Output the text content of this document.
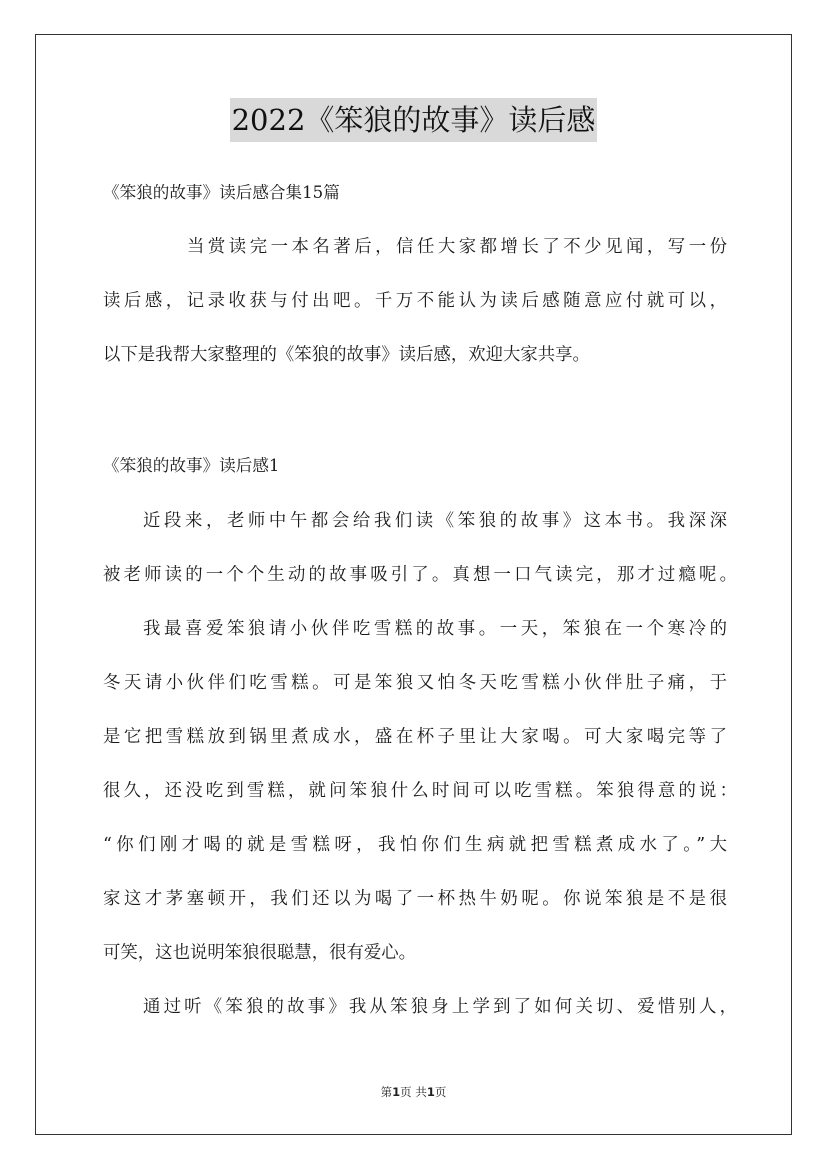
2022《笨狼的故事》读后感
《笨狼的故事》读后感合集15篇
当赏读完一本名著后，信任大家都增长了不少见闻，写一份
读后感，记录收获与付出吧。千万不能认为读后感随意应付就可以，
以下是我帮大家整理的《笨狼的故事》读后感，欢迎大家共享。
《笨狼的故事》读后感1
近段来，老师中午都会给我们读《笨狼的故事》这本书。我深深
被老师读的一个个生动的故事吸引了。真想一口气读完，那才过瘾呢。
我最喜爱笨狼请小伙伴吃雪糕的故事。一天，笨狼在一个寒冷的
冬天请小伙伴们吃雪糕。可是笨狼又怕冬天吃雪糕小伙伴肚子痛，于
是它把雪糕放到锅里煮成水，盛在杯子里让大家喝。可大家喝完等了
很久，还没吃到雪糕，就问笨狼什么时间可以吃雪糕。笨狼得意的说：
“你们刚才喝的就是雪糕呀，我怕你们生病就把雪糕煮成水了。”大
家这才茅塞顿开，我们还以为喝了一杯热牛奶呢。你说笨狼是不是很
可笑，这也说明笨狼很聪慧，很有爱心。
通过听《笨狼的故事》我从笨狼身上学到了如何关切、爱惜别人，
第1页 共1页
